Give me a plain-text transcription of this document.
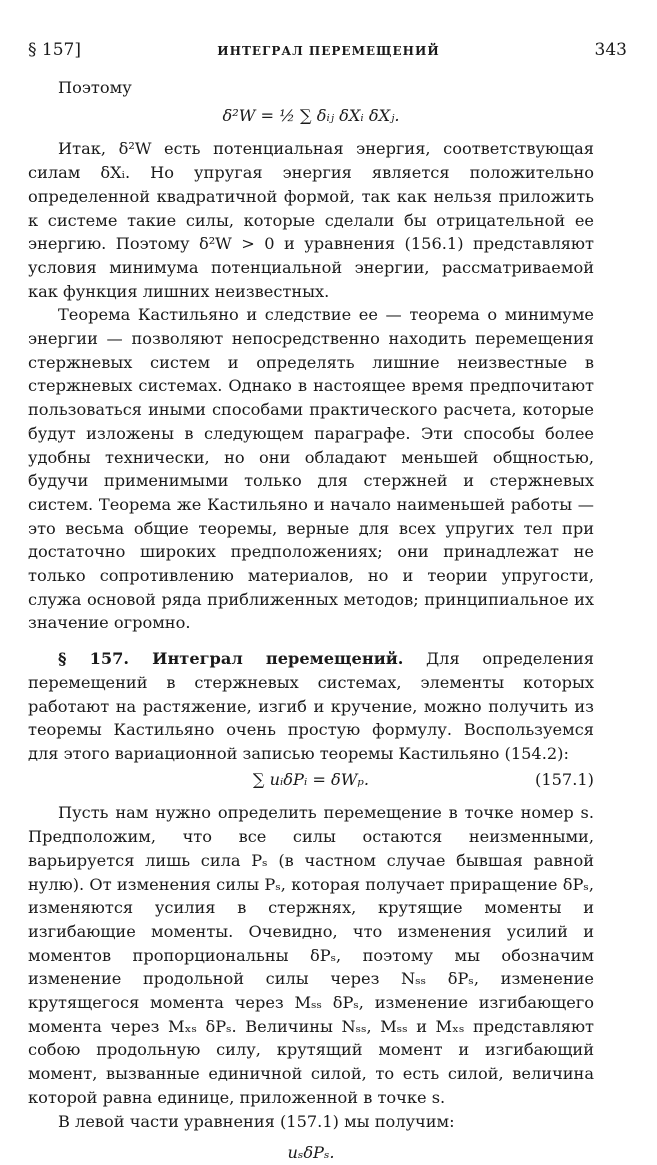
§ 157]	ИНТЕГРАЛ ПЕРЕМЕЩЕНИЙ	343

Поэтому

δ²W = ½ ∑ δᵢⱼ δXᵢ δXⱼ.

Итак, δ²W есть потенциальная энергия, соответствующая силам δXᵢ. Но упругая энергия является положительно определенной квадратичной формой, так как нельзя приложить к системе такие силы, которые сделали бы отрицательной ее энергию. Поэтому δ²W > 0 и уравнения (156.1) представляют условия минимума потенциальной энергии, рассматриваемой как функция лишних неизвестных.

Теорема Кастильяно и следствие ее — теорема о минимуме энергии — позволяют непосредственно находить перемещения стержневых систем и определять лишние неизвестные в стержневых системах. Однако в настоящее время предпочитают пользоваться иными способами практического расчета, которые будут изложены в следующем параграфе. Эти способы более удобны технически, но они обладают меньшей общностью, будучи применимыми только для стержней и стержневых систем. Теорема же Кастильяно и начало наименьшей работы — это весьма общие теоремы, верные для всех упругих тел при достаточно широких предположениях; они принадлежат не только сопротивлению материалов, но и теории упругости, служа основой ряда приближенных методов; принципиальное их значение огромно.

§ 157. Интеграл перемещений. Для определения перемещений в стержневых системах, элементы которых работают на растяжение, изгиб и кручение, можно получить из теоремы Кастильяно очень простую формулу. Воспользуемся для этого вариационной записью теоремы Кастильяно (154.2):

∑ uᵢδPᵢ = δWₚ.	(157.1)

Пусть нам нужно определить перемещение в точке номер s. Предположим, что все силы остаются неизменными, варьируется лишь сила Pₛ (в частном случае бывшая равной нулю). От изменения силы Pₛ, которая получает приращение δPₛ, изменяются усилия в стержнях, крутящие моменты и изгибающие моменты. Очевидно, что изменения усилий и моментов пропорциональны δPₛ, поэтому мы обозначим изменение продольной силы через Nₛₛ δPₛ, изменение крутящегося момента через Mₛₛ δPₛ, изменение изгибающего момента через Mₓₛ δPₛ. Величины Nₛₛ, Mₛₛ и Mₓₛ представляют собою продольную силу, крутящий момент и изгибающий момент, вызванные единичной силой, то есть силой, величина которой равна единице, приложенной в точке s.

В левой части уравнения (157.1) мы получим:

uₛδPₛ.
